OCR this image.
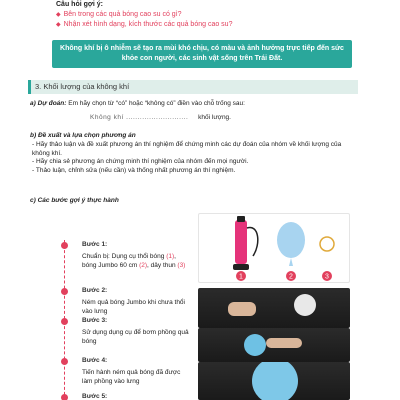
Câu hỏi gợi ý:
◆ Bên trong các quả bóng cao su có gì?
◆ Nhận xét hình dạng, kích thước các quả bóng cao su?
Không khí bị ô nhiễm sẽ tạo ra mùi khó chịu, có màu và ảnh hưởng trực tiếp đến sức khỏe con người, các sinh vật sống trên Trái Đất.
3. Khối lượng của không khí
a) Dự đoán: Em hãy chọn từ “có” hoặc “không có” điền vào chỗ trống sau:
Không khí ........................... khối lượng.
b) Đề xuất và lựa chọn phương án
- Hãy thảo luận và đề xuất phương án thí nghiệm để chứng minh các dự đoán của nhóm về khối lượng của không khí.
- Hãy chia sẻ phương án chứng minh thí nghiệm của nhóm đến mọi người.
- Thảo luận, chỉnh sửa (nếu cần) và thống nhất phương án thí nghiệm.
c) Các bước gợi ý thực hành
Bước 1:
Chuẩn bị: Dụng cụ thổi bóng (1), bóng Jumbo 60 cm (2), dây thun (3)
1	2	3
Bước 2:
Ném quả bóng Jumbo khi chưa thổi vào lưng
Bước 3:
Sử dụng dụng cụ để bơm phồng quả bóng
Bước 4:
Tiến hành ném quả bóng đã được làm phồng vào lưng
Bước 5:
